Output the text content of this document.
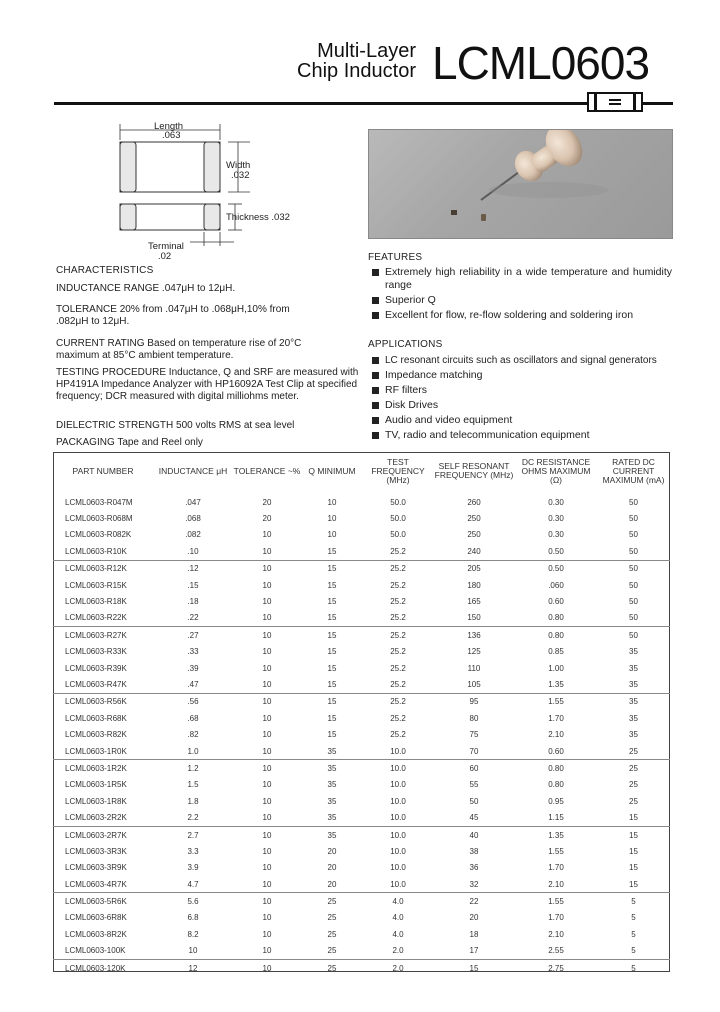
Multi-Layer
Chip Inductor LCML0603
Length
.063
Width
.032
Thickness .032
Terminal
.02
CHARACTERISTICS
INDUCTANCE RANGE .047μH to 12μH.
TOLERANCE 20% from .047μH to .068μH,10% from .082μH to 12μH.
CURRENT RATING Based on temperature rise of 20°C maximum at 85°C ambient temperature.
TESTING PROCEDURE Inductance, Q and SRF are measured with HP4191A Impedance Analyzer with HP16092A Test Clip at specified frequency; DCR measured with digital milliohms meter.
DIELECTRIC STRENGTH 500 volts RMS at sea level
PACKAGING Tape and Reel only
FEATURES
Extremely high reliability in a wide temperature and humidity range
Superior Q
Excellent for flow, re-flow soldering and soldering iron
APPLICATIONS
LC resonant circuits such as oscillators and signal generators
Impedance matching
RF filters
Disk Drives
Audio and video equipment
TV, radio and telecommunication equipment
PART NUMBER	INDUCTANCE μH	TOLERANCE ~%	Q MINIMUM	TEST FREQUENCY (MHz)	SELF RESONANT FREQUENCY (MHz)	DC RESISTANCE OHMS MAXIMUM (Ω)	RATED DC CURRENT MAXIMUM (mA)

LCML0603-R047M	.047	20	10	50.0	260	0.30	50
LCML0603-R068M	.068	20	10	50.0	250	0.30	50
LCML0603-R082K	.082	10	10	50.0	250	0.30	50
LCML0603-R10K	.10	10	15	25.2	240	0.50	50
LCML0603-R12K	.12	10	15	25.2	205	0.50	50
LCML0603-R15K	.15	10	15	25.2	180	.060	50
LCML0603-R18K	.18	10	15	25.2	165	0.60	50
LCML0603-R22K	.22	10	15	25.2	150	0.80	50
LCML0603-R27K	.27	10	15	25.2	136	0.80	50
LCML0603-R33K	.33	10	15	25.2	125	0.85	35
LCML0603-R39K	.39	10	15	25.2	110	1.00	35
LCML0603-R47K	.47	10	15	25.2	105	1.35	35
LCML0603-R56K	.56	10	15	25.2	95	1.55	35
LCML0603-R68K	.68	10	15	25.2	80	1.70	35
LCML0603-R82K	.82	10	15	25.2	75	2.10	35
LCML0603-1R0K	1.0	10	35	10.0	70	0.60	25
LCML0603-1R2K	1.2	10	35	10.0	60	0.80	25
LCML0603-1R5K	1.5	10	35	10.0	55	0.80	25
LCML0603-1R8K	1.8	10	35	10.0	50	0.95	25
LCML0603-2R2K	2.2	10	35	10.0	45	1.15	15
LCML0603-2R7K	2.7	10	35	10.0	40	1.35	15
LCML0603-3R3K	3.3	10	20	10.0	38	1.55	15
LCML0603-3R9K	3.9	10	20	10.0	36	1.70	15
LCML0603-4R7K	4.7	10	20	10.0	32	2.10	15
LCML0603-5R6K	5.6	10	25	4.0	22	1.55	5
LCML0603-6R8K	6.8	10	25	4.0	20	1.70	5
LCML0603-8R2K	8.2	10	25	4.0	18	2.10	5
LCML0603-100K	10	10	25	2.0	17	2.55	5
LCML0603-120K	12	10	25	2.0	15	2.75	5
